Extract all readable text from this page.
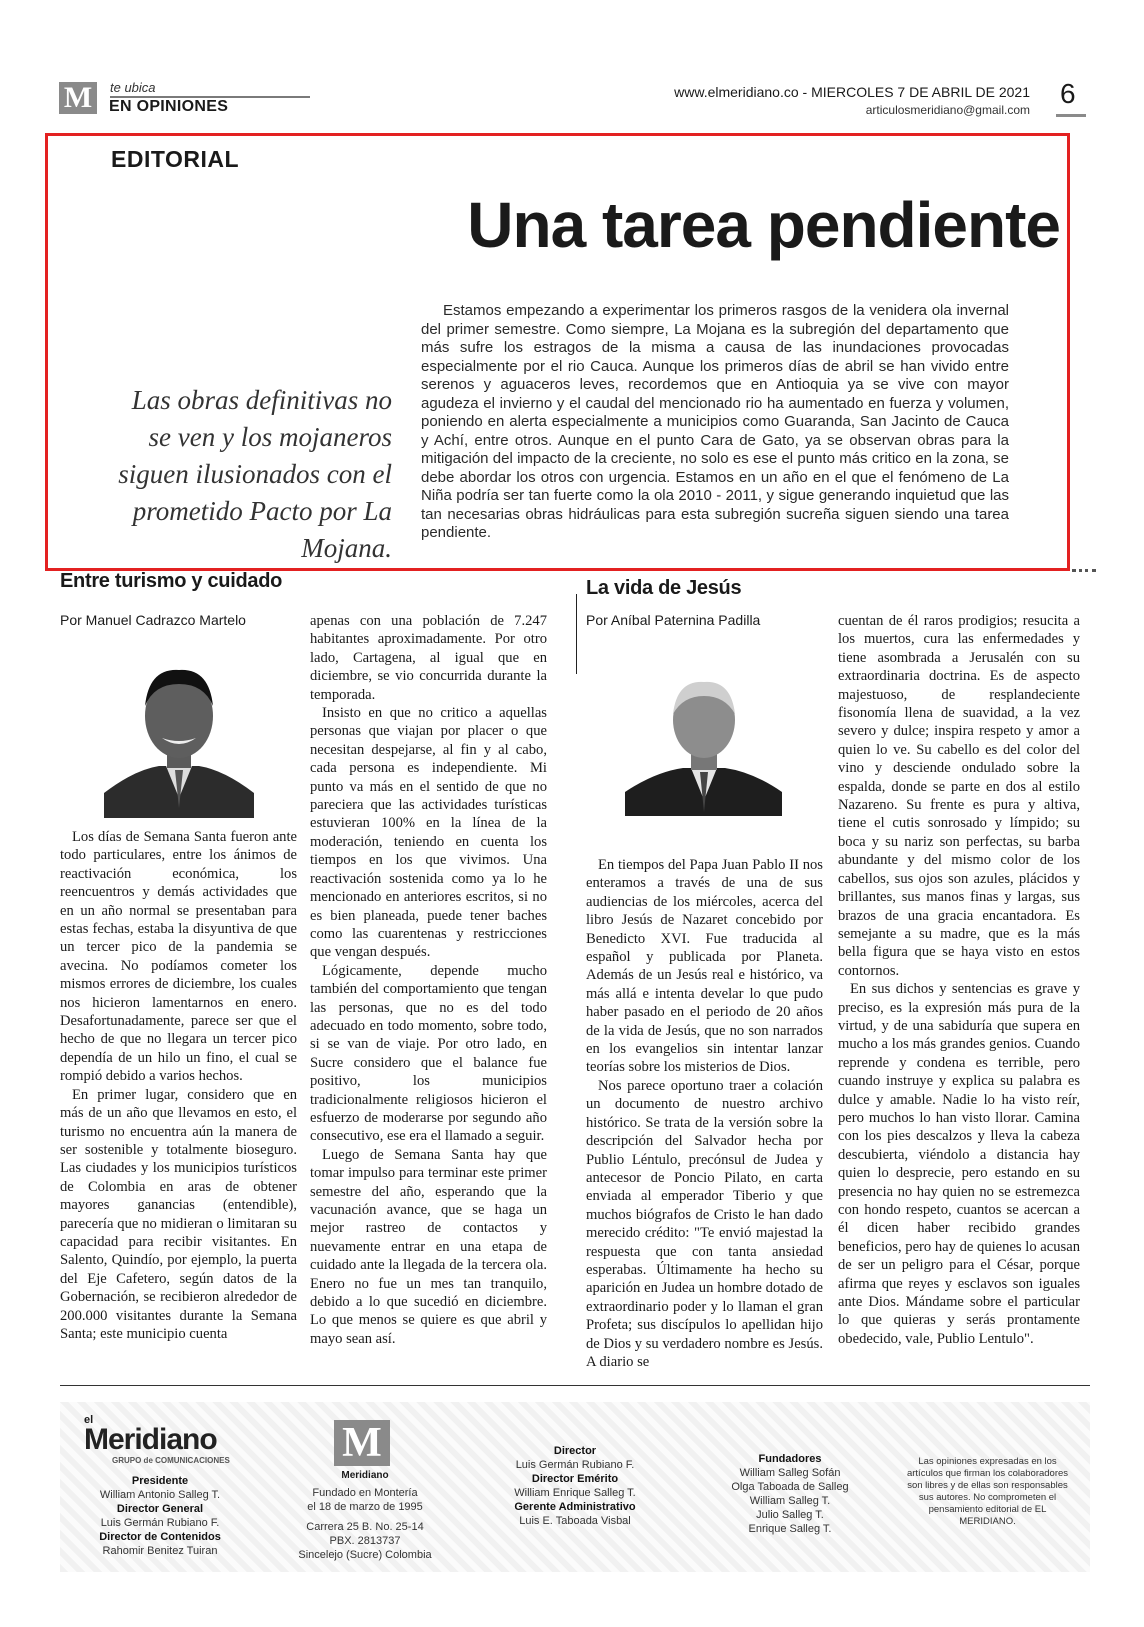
M	te ubica
EN OPINIONES
www.elmeridiano.co - MIERCOLES 7 DE ABRIL DE 2021
articulosmeridiano@gmail.com
6
EDITORIAL
Una tarea pendiente
Las obras definitivas no se ven y los mojaneros siguen ilusionados con el prometido Pacto por La Mojana.
Estamos empezando a experimentar los primeros rasgos de la venidera ola invernal del primer semestre. Como siempre, La Mojana es la subregión del departamento que más sufre los estragos de la misma a causa de las inundaciones provocadas especialmente por el rio Cauca. Aunque los primeros días de abril se han vivido entre serenos y aguaceros leves, recordemos que en Antioquia ya se vive con mayor agudeza el invierno y el caudal del mencionado rio ha aumentado en fuerza y volumen, poniendo en alerta especialmente a municipios como Guaranda, San Jacinto de Cauca y Achí, entre otros. Aunque en el punto Cara de Gato, ya se observan obras para la mitigación del impacto de la creciente, no solo es ese el punto más critico en la zona, se debe abordar los otros con urgencia. Estamos en un año en el que el fenómeno de La Niña podría ser tan fuerte como la ola 2010 - 2011, y sigue generando inquietud que las tan necesarias obras hidráulicas para esta subregión sucreña siguen siendo una tarea pendiente.
Entre turismo y cuidado
Por Manuel Cadrazco Martelo

Los días de Semana Santa fueron ante todo particulares, entre los ánimos de reactivación económica, los reencuentros y demás actividades que en un año normal se presentaban para estas fechas, estaba la disyuntiva de que un tercer pico de la pandemia se avecina. No podíamos cometer los mismos errores de diciembre, los cuales nos hicieron lamentarnos en enero. Desafortunadamente, parece ser que el hecho de que no llegara un tercer pico dependía de un hilo un fino, el cual se rompió debido a varios hechos.

En primer lugar, considero que en más de un año que llevamos en esto, el turismo no encuentra aún la manera de ser sostenible y totalmente bioseguro. Las ciudades y los municipios turísticos de Colombia en aras de obtener mayores ganancias (entendible), parecería que no midieran o limitaran su capacidad para recibir visitantes. En Salento, Quindío, por ejemplo, la puerta del Eje Cafetero, según datos de la Gobernación, se recibieron alrededor de 200.000 visitantes durante la Semana Santa; este municipio cuenta

apenas con una población de 7.247 habitantes aproximadamente. Por otro lado, Cartagena, al igual que en diciembre, se vio concurrida durante la temporada.

Insisto en que no critico a aquellas personas que viajan por placer o que necesitan despejarse, al fin y al cabo, cada persona es independiente. Mi punto va más en el sentido de que no pareciera que las actividades turísticas estuvieran 100% en la línea de la moderación, teniendo en cuenta los tiempos en los que vivimos. Una reactivación sostenida como ya lo he mencionado en anteriores escritos, si no es bien planeada, puede tener baches como las cuarentenas y restricciones que vengan después.

Lógicamente, depende mucho también del comportamiento que tengan las personas, que no es del todo adecuado en todo momento, sobre todo, si se van de viaje. Por otro lado, en Sucre considero que el balance fue positivo, los municipios tradicionalmente religiosos hicieron el esfuerzo de moderarse por segundo año consecutivo, ese era el llamado a seguir.

Luego de Semana Santa hay que tomar impulso para terminar este primer semestre del año, esperando que la vacunación avance, que se haga un mejor rastreo de contactos y nuevamente entrar en una etapa de cuidado ante la llegada de la tercera ola. Enero no fue un mes tan tranquilo, debido a lo que sucedió en diciembre. Lo que menos se quiere es que abril y mayo sean así.

La vida de Jesús
Por Aníbal Paternina Padilla

En tiempos del Papa Juan Pablo II nos enteramos a través de una de sus audiencias de los miércoles, acerca del libro Jesús de Nazaret concebido por Benedicto XVI. Fue traducida al español y publicada por Planeta. Además de un Jesús real e histórico, va más allá e intenta develar lo que pudo haber pasado en el periodo de 20 años de la vida de Jesús, que no son narrados en los evangelios sin intentar lanzar teorías sobre los misterios de Dios.

Nos parece oportuno traer a colación un documento de nuestro archivo histórico. Se trata de la versión sobre la descripción del Salvador hecha por Publio Léntulo, precónsul de Judea y antecesor de Poncio Pilato, en carta enviada al emperador Tiberio y que muchos biógrafos de Cristo le han dado merecido crédito: "Te envió majestad la respuesta que con tanta ansiedad esperabas. Últimamente ha hecho su aparición en Judea un hombre dotado de extraordinario poder y lo llaman el gran Profeta; sus discípulos lo apellidan hijo de Dios y su verdadero nombre es Jesús. A diario se

cuentan de él raros prodigios; resucita a los muertos, cura las enfermedades y tiene asombrada a Jerusalén con su extraordinaria doctrina. Es de aspecto majestuoso, de resplandeciente fisonomía llena de suavidad, a la vez severo y dulce; inspira respeto y amor a quien lo ve. Su cabello es del color del vino y desciende ondulado sobre la espalda, donde se parte en dos al estilo Nazareno. Su frente es pura y altiva, tiene el cutis sonrosado y límpido; su boca y su nariz son perfectas, su barba abundante y del mismo color de los cabellos, sus ojos son azules, plácidos y brillantes, sus manos finas y largas, sus brazos de una gracia encantadora. Es semejante a su madre, que es la más bella figura que se haya visto en estos contornos.

En sus dichos y sentencias es grave y preciso, es la expresión más pura de la virtud, y de una sabiduría que supera en mucho a los más grandes genios. Cuando reprende y condena es terrible, pero cuando instruye y explica su palabra es dulce y amable. Nadie lo ha visto reír, pero muchos lo han visto llorar. Camina con los pies descalzos y lleva la cabeza descubierta, viéndolo a distancia hay quien lo desprecie, pero estando en su presencia no hay quien no se estremezca con hondo respeto, cuantos se acercan a él dicen haber recibido grandes beneficios, pero hay de quienes lo acusan de ser un peligro para el César, porque afirma que reyes y esclavos son iguales ante Dios. Mándame sobre el particular lo que quieras y serás prontamente obedecido, vale, Publio Lentulo".

el
Meridiano
GRUPO de COMUNICACIONES
Presidente
William Antonio Salleg T.
Director General
Luis Germán Rubiano F.
Director de Contenidos
Rahomir Benitez Tuiran
M
Meridiano
Fundado en Montería
el 18 de marzo de 1995
Carrera 25 B. No. 25-14
PBX. 2813737
Sincelejo (Sucre) Colombia
Director
Luis Germán Rubiano F.
Director Emérito
William Enrique Salleg T.
Gerente Administrativo
Luis E. Taboada Visbal
Fundadores
William Salleg Sofán
Olga Taboada de Salleg
William Salleg T.
Julio Salleg T.
Enrique Salleg T.
Las opiniones expresadas en los artículos que firman los colaboradores son libres y de ellas son responsables sus autores. No comprometen el pensamiento editorial de EL MERIDIANO.
